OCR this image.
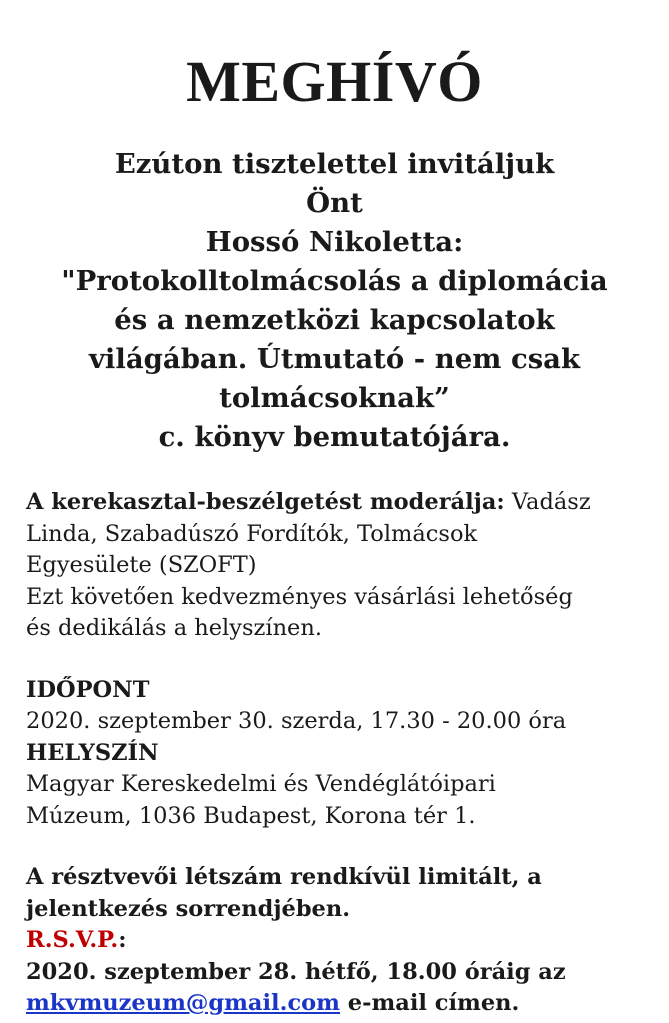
MEGHÍVÓ
Ezúton tisztelettel invitáljuk
Önt
Hossó Nikoletta:
"Protokolltolmácsolás a diplomácia
és a nemzetközi kapcsolatok
világában. Útmutató - nem csak
tolmácsoknak”
c. könyv bemutatójára.
A kerekasztal-beszélgetést moderálja: Vadász
Linda, Szabadúszó Fordítók, Tolmácsok
Egyesülete (SZOFT)
Ezt követően kedvezményes vásárlási lehetőség
és dedikálás a helyszínen.
IDŐPONT
2020. szeptember 30. szerda, 17.30 - 20.00 óra
HELYSZÍN
Magyar Kereskedelmi és Vendéglátóipari
Múzeum, 1036 Budapest, Korona tér 1.
A résztvevői létszám rendkívül limitált, a
jelentkezés sorrendjében.
R.S.V.P.:
2020. szeptember 28. hétfő, 18.00 óráig az
mkvmuzeum@gmail.com e-mail címen.
